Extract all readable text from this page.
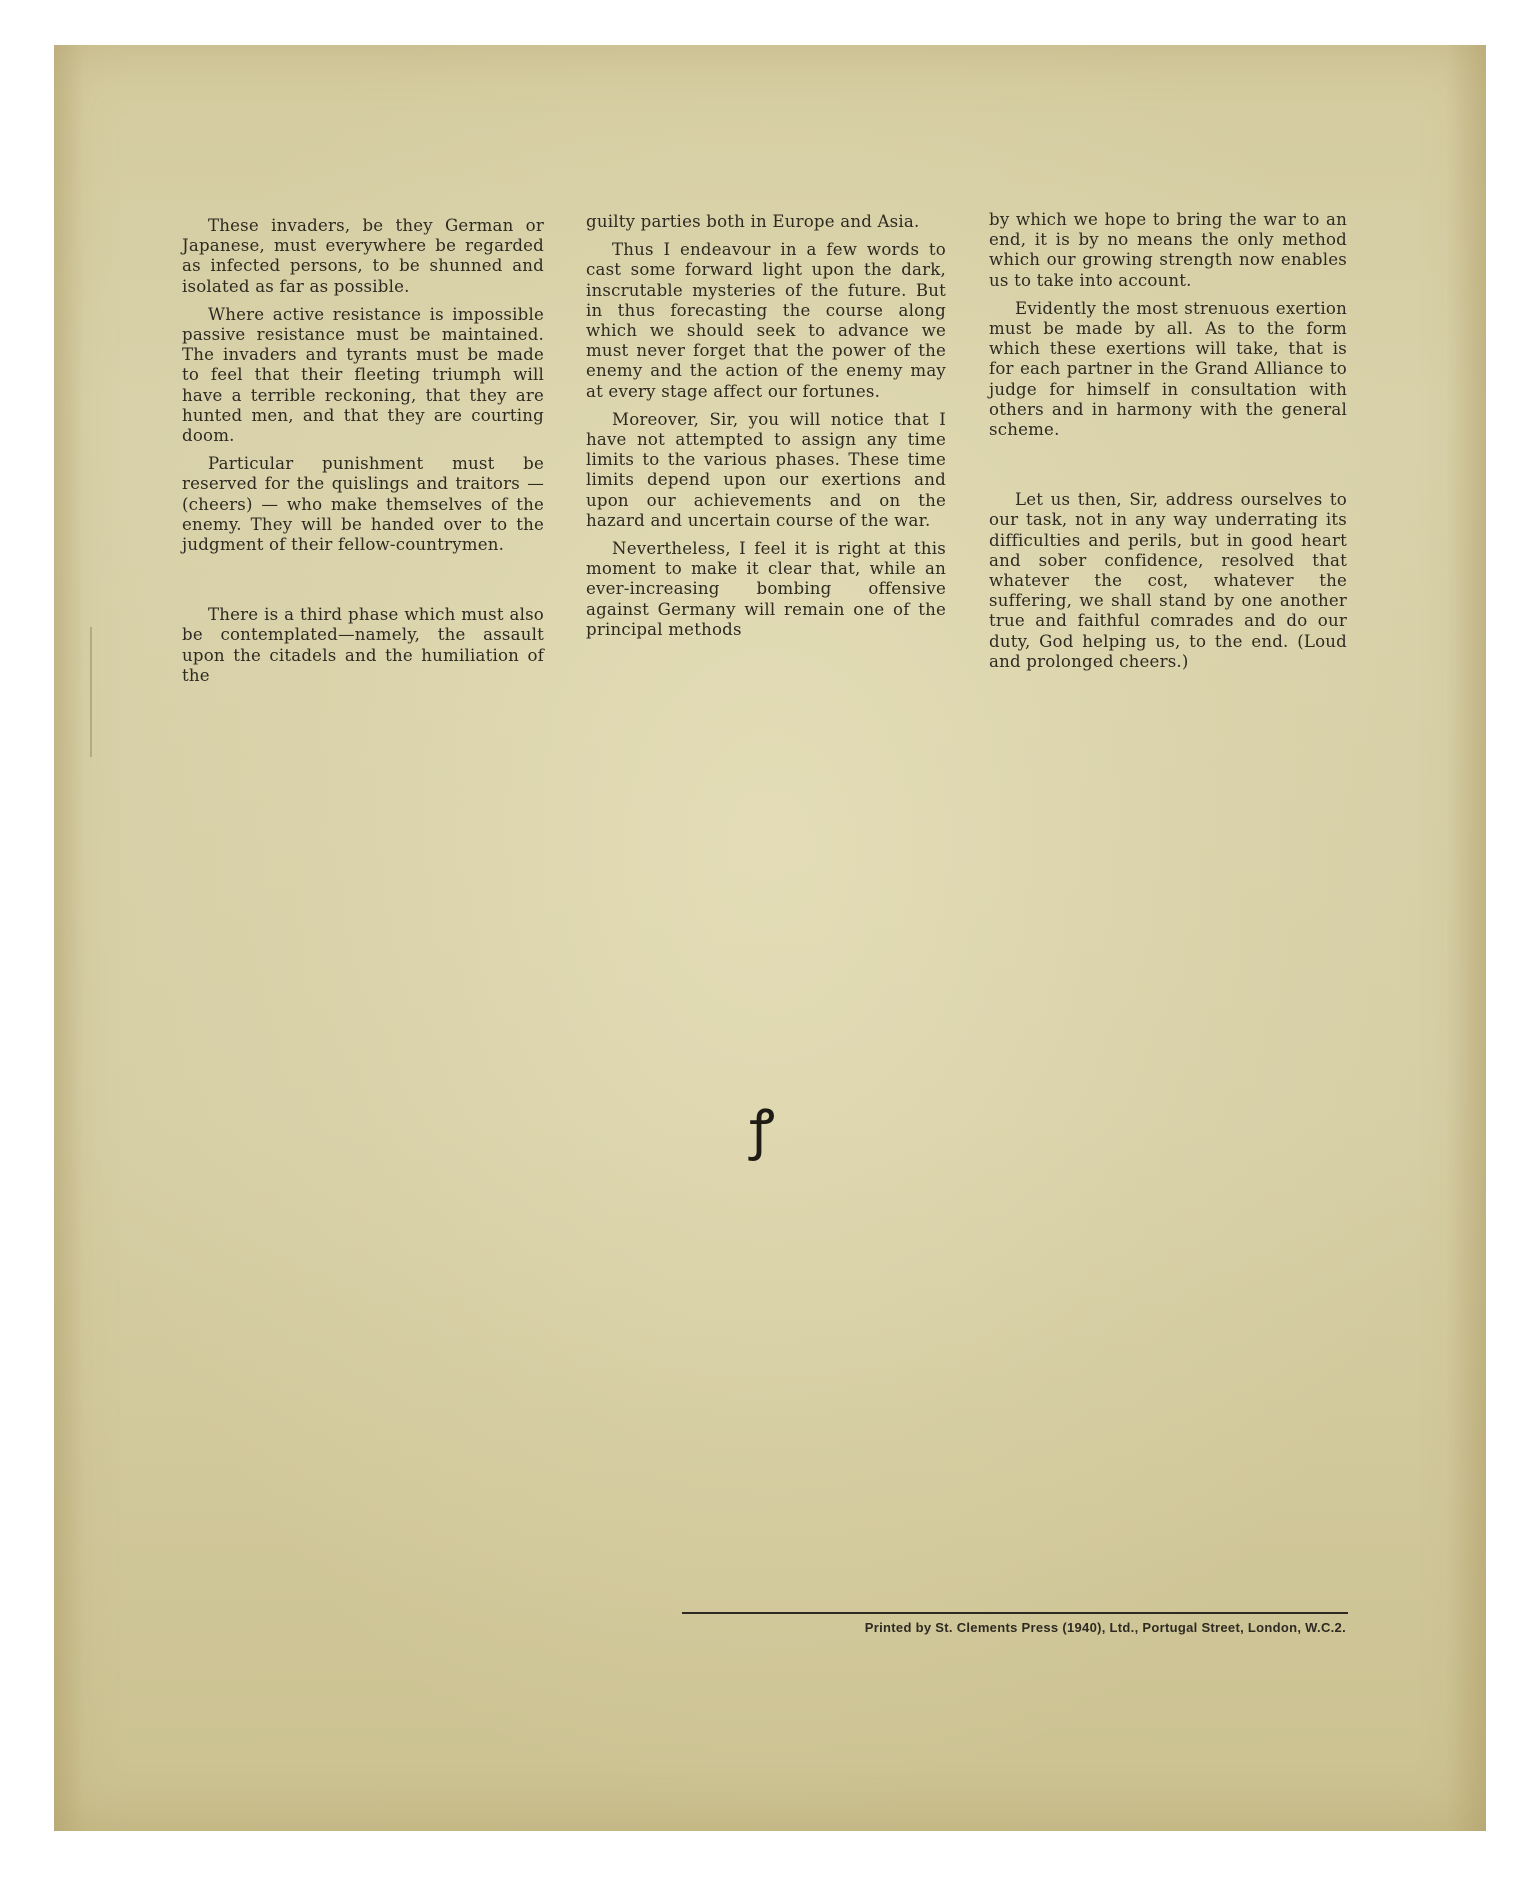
These invaders, be they German or Japanese, must everywhere be regarded as infected persons, to be shunned and isolated as far as possible.

Where active resistance is impossible passive resistance must be maintained. The invaders and tyrants must be made to feel that their fleeting triumph will have a terrible reckoning, that they are hunted men, and that they are courting doom.

Particular punishment must be reserved for the quislings and traitors — (cheers) — who make themselves of the enemy. They will be handed over to the judgment of their fellow-countrymen.

There is a third phase which must also be contemplated—namely, the assault upon the citadels and the humiliation of the

guilty parties both in Europe and Asia.

Thus I endeavour in a few words to cast some forward light upon the dark, inscrutable mysteries of the future. But in thus forecasting the course along which we should seek to advance we must never forget that the power of the enemy and the action of the enemy may at every stage affect our fortunes.

Moreover, Sir, you will notice that I have not attempted to assign any time limits to the various phases. These time limits depend upon our exertions and upon our achievements and on the hazard and uncertain course of the war.

Nevertheless, I feel it is right at this moment to make it clear that, while an ever-increasing bombing offensive against Germany will remain one of the principal methods

by which we hope to bring the war to an end, it is by no means the only method which our growing strength now enables us to take into account.

Evidently the most strenuous exertion must be made by all. As to the form which these exertions will take, that is for each partner in the Grand Alliance to judge for himself in consultation with others and in harmony with the general scheme.

Let us then, Sir, address ourselves to our task, not in any way underrating its difficulties and perils, but in good heart and sober confidence, resolved that whatever the cost, whatever the suffering, we shall stand by one another true and faithful comrades and do our duty, God helping us, to the end. (Loud and prolonged cheers.)

ꝭ
Printed by St. Clements Press (1940), Ltd., Portugal Street, London, W.C.2.
